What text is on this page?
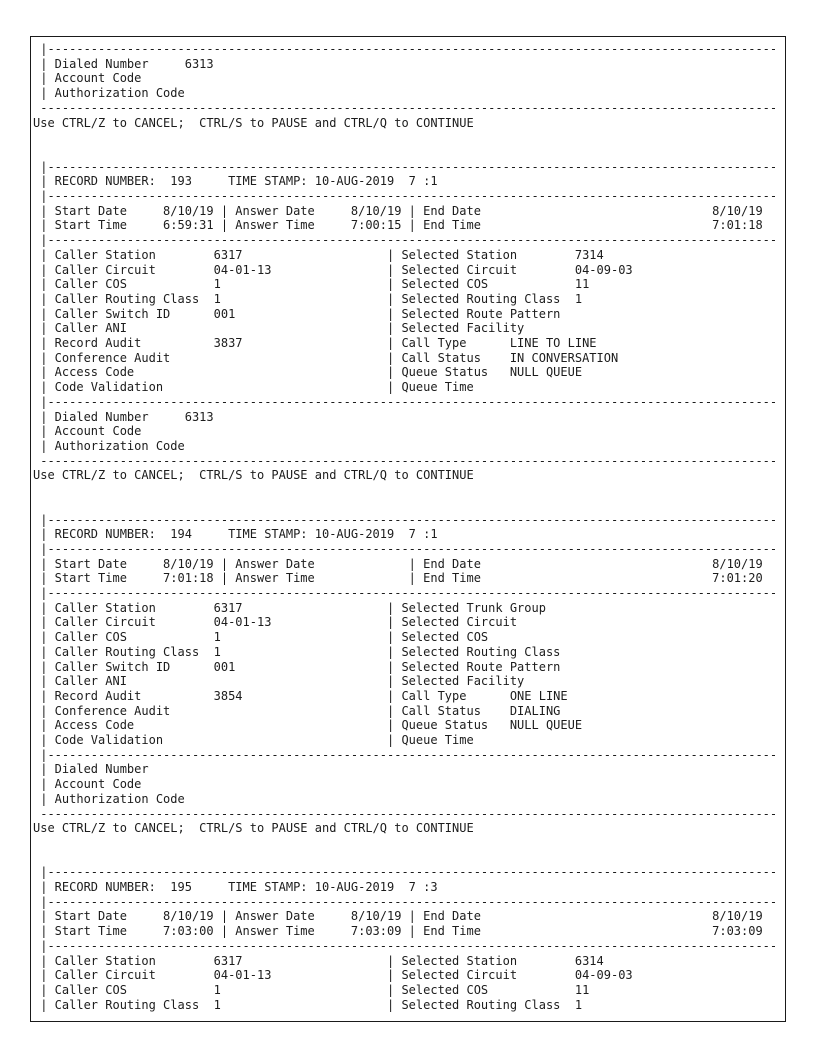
|-----------------------------------------------------------------------------------------------------
| Dialed Number     6313
| Account Code
| Authorization Code
------------------------------------------------------------------------------------------------------
Use CTRL/Z to CANCEL;  CTRL/S to PAUSE and CTRL/Q to CONTINUE

|-----------------------------------------------------------------------------------------------------
| RECORD NUMBER:  193     TIME STAMP: 10-AUG-2019  7 :1
|-----------------------------------------------------------------------------------------------------
| Start Date     8/10/19 | Answer Date     8/10/19 | End Date                                8/10/19
| Start Time     6:59:31 | Answer Time     7:00:15 | End Time                                7:01:18
|-----------------------------------------------------------------------------------------------------
| Caller Station        6317                    | Selected Station        7314
| Caller Circuit        04-01-13                | Selected Circuit        04-09-03
| Caller COS            1                       | Selected COS            11
| Caller Routing Class  1                       | Selected Routing Class  1
| Caller Switch ID      001                     | Selected Route Pattern
| Caller ANI                                    | Selected Facility
| Record Audit          3837                    | Call Type      LINE TO LINE
| Conference Audit                              | Call Status    IN CONVERSATION
| Access Code                                   | Queue Status   NULL QUEUE
| Code Validation                               | Queue Time
|-----------------------------------------------------------------------------------------------------
| Dialed Number     6313
| Account Code
| Authorization Code
------------------------------------------------------------------------------------------------------
Use CTRL/Z to CANCEL;  CTRL/S to PAUSE and CTRL/Q to CONTINUE

|-----------------------------------------------------------------------------------------------------
| RECORD NUMBER:  194     TIME STAMP: 10-AUG-2019  7 :1
|-----------------------------------------------------------------------------------------------------
| Start Date     8/10/19 | Answer Date             | End Date                                8/10/19
| Start Time     7:01:18 | Answer Time             | End Time                                7:01:20
|-----------------------------------------------------------------------------------------------------
| Caller Station        6317                    | Selected Trunk Group
| Caller Circuit        04-01-13                | Selected Circuit
| Caller COS            1                       | Selected COS
| Caller Routing Class  1                       | Selected Routing Class
| Caller Switch ID      001                     | Selected Route Pattern
| Caller ANI                                    | Selected Facility
| Record Audit          3854                    | Call Type      ONE LINE
| Conference Audit                              | Call Status    DIALING
| Access Code                                   | Queue Status   NULL QUEUE
| Code Validation                               | Queue Time
|-----------------------------------------------------------------------------------------------------
| Dialed Number
| Account Code
| Authorization Code
------------------------------------------------------------------------------------------------------
Use CTRL/Z to CANCEL;  CTRL/S to PAUSE and CTRL/Q to CONTINUE

|-----------------------------------------------------------------------------------------------------
| RECORD NUMBER:  195     TIME STAMP: 10-AUG-2019  7 :3
|-----------------------------------------------------------------------------------------------------
| Start Date     8/10/19 | Answer Date     8/10/19 | End Date                                8/10/19
| Start Time     7:03:00 | Answer Time     7:03:09 | End Time                                7:03:09
|-----------------------------------------------------------------------------------------------------
| Caller Station        6317                    | Selected Station        6314
| Caller Circuit        04-01-13                | Selected Circuit        04-09-03
| Caller COS            1                       | Selected COS            11
| Caller Routing Class  1                       | Selected Routing Class  1
